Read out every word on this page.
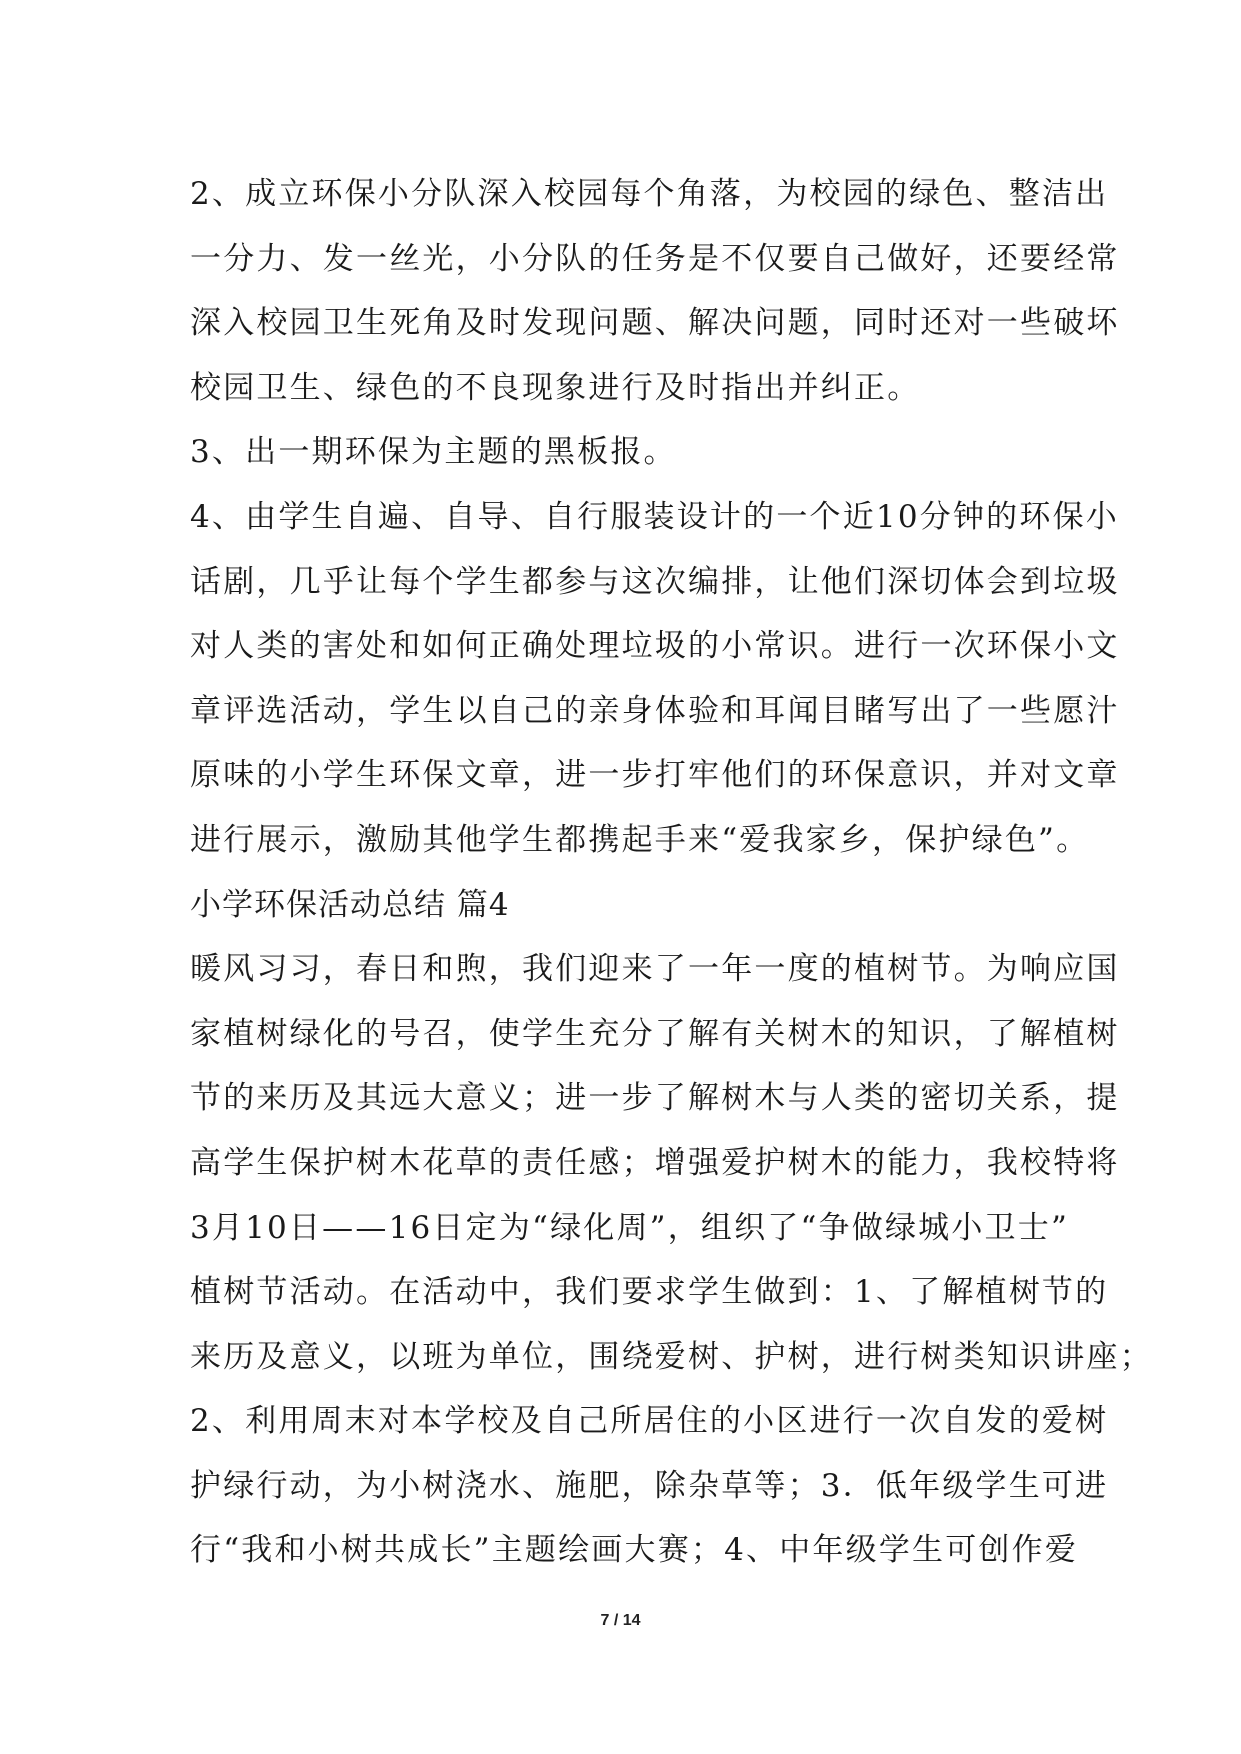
2、成立环保小分队深入校园每个角落，为校园的绿色、整洁出
一分力、发一丝光，小分队的任务是不仅要自己做好，还要经常
深入校园卫生死角及时发现问题、解决问题，同时还对一些破坏
校园卫生、绿色的不良现象进行及时指出并纠正。
3、出一期环保为主题的黑板报。
4、由学生自遍、自导、自行服装设计的一个近10分钟的环保小
话剧，几乎让每个学生都参与这次编排，让他们深切体会到垃圾
对人类的害处和如何正确处理垃圾的小常识。进行一次环保小文
章评选活动，学生以自己的亲身体验和耳闻目睹写出了一些愿汁
原味的小学生环保文章，进一步打牢他们的环保意识，并对文章
进行展示，激励其他学生都携起手来“爱我家乡，保护绿色”。
小学环保活动总结 篇4
暖风习习，春日和煦，我们迎来了一年一度的植树节。为响应国
家植树绿化的号召，使学生充分了解有关树木的知识，了解植树
节的来历及其远大意义；进一步了解树木与人类的密切关系，提
高学生保护树木花草的责任感；增强爱护树木的能力，我校特将
3月10日——16日定为“绿化周”，组织了“争做绿城小卫士”
植树节活动。在活动中，我们要求学生做到：1、了解植树节的
来历及意义，以班为单位，围绕爱树、护树，进行树类知识讲座；
2、利用周末对本学校及自己所居住的小区进行一次自发的爱树
护绿行动，为小树浇水、施肥，除杂草等；3．低年级学生可进
行“我和小树共成长”主题绘画大赛；4、中年级学生可创作爱
7 / 14
